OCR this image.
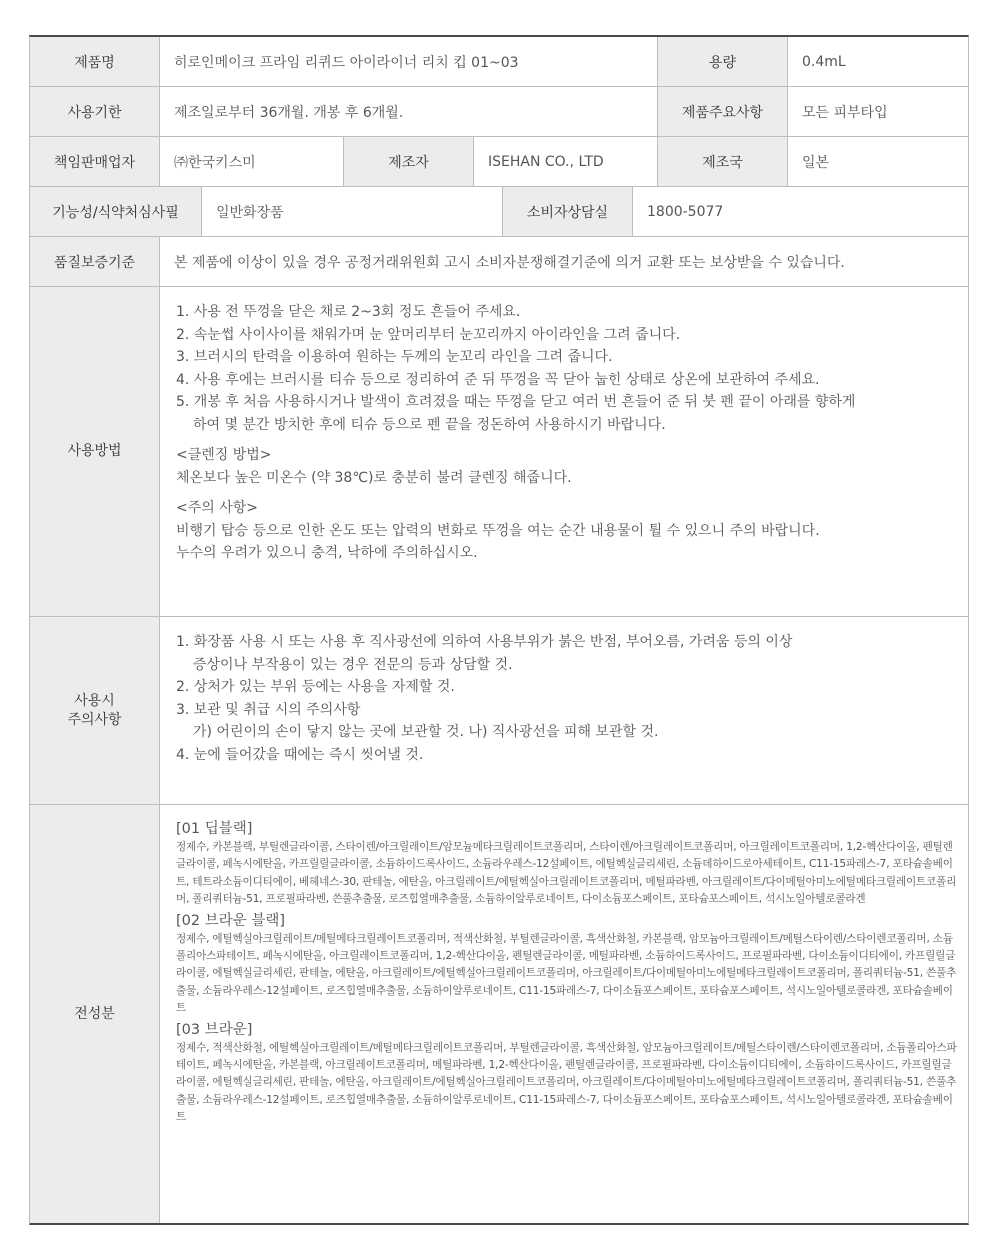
제품명	히로인메이크 프라임 리퀴드 아이라이너 리치 킵 01~03	용량	0.4mL
사용기한	제조일로부터 36개월. 개봉 후 6개월.	제품주요사항	모든 피부타입
책임판매업자	㈜한국키스미	제조자	ISEHAN CO., LTD	제조국	일본
기능성/식약처심사필	일반화장품	소비자상담실	1800-5077
품질보증기준	본 제품에 이상이 있을 경우 공정거래위원회 고시 소비자분쟁해결기준에 의거 교환 또는 보상받을 수 있습니다.
사용방법

1. 사용 전 뚜껑을 닫은 채로 2~3회 정도 흔들어 주세요.

2. 속눈썹 사이사이를 채워가며 눈 앞머리부터 눈꼬리까지 아이라인을 그려 줍니다.

3. 브러시의 탄력을 이용하여 원하는 두께의 눈꼬리 라인을 그려 줍니다.

4. 사용 후에는 브러시를 티슈 등으로 정리하여 준 뒤 뚜껑을 꼭 닫아 눕힌 상태로 상온에 보관하여 주세요.

5. 개봉 후 처음 사용하시거나 발색이 흐려졌을 때는 뚜껑을 닫고 여러 번 흔들어 준 뒤 붓 펜 끝이 아래를 향하게

하여 몇 분간 방치한 후에 티슈 등으로 펜 끝을 정돈하여 사용하시기 바랍니다.

<클렌징 방법>

체온보다 높은 미온수 (약 38℃)로 충분히 불려 클렌징 해줍니다.

<주의 사항>

비행기 탑승 등으로 인한 온도 또는 압력의 변화로 뚜껑을 여는 순간 내용물이 튈 수 있으니 주의 바랍니다.

누수의 우려가 있으니 충격, 낙하에 주의하십시오.

사용시
주의사항

1. 화장품 사용 시 또는 사용 후 직사광선에 의하여 사용부위가 붉은 반점, 부어오름, 가려움 등의 이상

증상이나 부작용이 있는 경우 전문의 등과 상담할 것.

2. 상처가 있는 부위 등에는 사용을 자제할 것.

3. 보관 및 취급 시의 주의사항

가) 어린이의 손이 닿지 않는 곳에 보관할 것. 나) 직사광선을 피해 보관할 것.

4. 눈에 들어갔을 때에는 즉시 씻어낼 것.

전성분
[01 딥블랙]

정제수, 카본블랙, 부틸렌글라이콜, 스타이렌/아크릴레이트/암모늄메타크릴레이트코폴리머, 스타이렌/아크릴레이트코폴리머, 아크릴레이트코폴리머, 1,2-헥산다이올, 펜틸렌글라이콜, 페녹시에탄올, 카프릴릴글라이콜, 소듐하이드록사이드, 소듐라우레스-12설페이트, 에틸헥실글리세린, 소듐데하이드로아세테이트, C11-15파레스-7, 포타슘솔베이트, 테트라소듐이디티에이, 베헤네스-30, 판테놀, 에탄올, 아크릴레이트/에틸헥실아크릴레이트코폴리머, 메틸파라벤, 아크릴레이트/다이메틸아미노에틸메타크릴레이트코폴리머, 폴리쿼터늄-51, 프로필파라벤, 쓴풀추출물, 로즈힙열매추출물, 소듐하이알루로네이트, 다이소듐포스페이트, 포타슘포스페이트, 석시노일아텔로콜라겐

[02 브라운 블랙]

정제수, 에틸헥실아크릴레이트/메틸메타크릴레이트코폴리머, 적색산화철, 부틸렌글라이콜, 흑색산화철, 카본블랙, 암모늄아크릴레이트/메틸스타이렌/스타이렌코폴리머, 소듐폴리아스파테이트, 페녹시에탄올, 아크릴레이트코폴리머, 1,2-헥산다이올, 펜틸렌글라이콜, 메틸파라벤, 소듐하이드록사이드, 프로필파라벤, 다이소듐이디티에이, 카프릴릴글라이콜, 에틸헥실글리세린, 판테놀, 에탄올, 아크릴레이트/에틸헥실아크릴레이트코폴리머, 아크릴레이트/다이메틸아미노에틸메타크릴레이트코폴리머, 폴리쿼터늄-51, 쓴풀추출물, 소듐라우레스-12설페이트, 로즈힙열매추출물, 소듐하이알루로네이트, C11-15파레스-7, 다이소듐포스페이트, 포타슘포스페이트, 석시노일아텔로콜라겐, 포타슘솔베이트

[03 브라운]

정제수, 적색산화철, 에틸헥실아크릴레이트/메틸메타크릴레이트코폴리머, 부틸렌글라이콜, 흑색산화철, 암모늄아크릴레이트/메틸스타이렌/스타이렌코폴리머, 소듐폴리아스파테이트, 페녹시에탄올, 카본블랙, 아크릴레이트코폴리머, 메틸파라벤, 1,2-헥산다이올, 펜틸렌글라이콜, 프로필파라벤, 다이소듐이디티에이, 소듐하이드록사이드, 카프릴릴글라이콜, 에틸헥실글리세린, 판테놀, 에탄올, 아크릴레이트/에틸헥실아크릴레이트코폴리머, 아크릴레이트/다이메틸아미노에틸메타크릴레이트코폴리머, 폴리쿼터늄-51, 쓴풀추출물, 소듐라우레스-12설페이트, 로즈힙열매추출물, 소듐하이알루로네이트, C11-15파레스-7, 다이소듐포스페이트, 포타슘포스페이트, 석시노일아텔로콜라겐, 포타슘솔베이트
